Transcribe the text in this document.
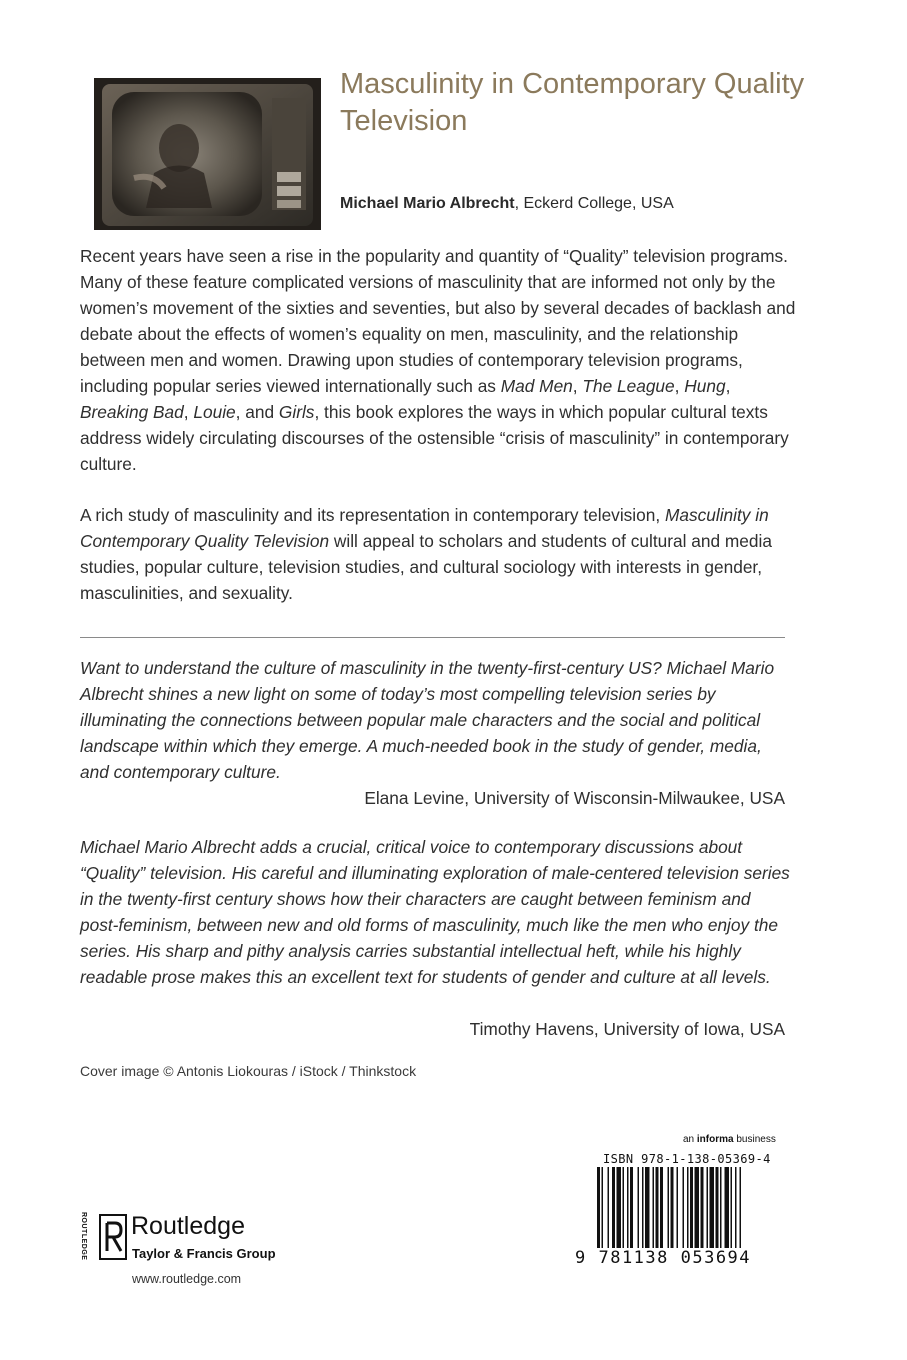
Masculinity in Contemporary Quality Television
Michael Mario Albrecht, Eckerd College, USA
Recent years have seen a rise in the popularity and quantity of “Quality” television programs. Many of these feature complicated versions of masculinity that are informed not only by the women’s movement of the sixties and seventies, but also by several decades of backlash and debate about the effects of women’s equality on men, masculinity, and the relationship between men and women. Drawing upon studies of contemporary television programs, including popular series viewed internationally such as Mad Men, The League, Hung, Breaking Bad, Louie, and Girls, this book explores the ways in which popular cultural texts address widely circulating discourses of the ostensible “crisis of masculinity” in contemporary culture.
A rich study of masculinity and its representation in contemporary television, Masculinity in Contemporary Quality Television will appeal to scholars and students of cultural and media studies, popular culture, television studies, and cultural sociology with interests in gender, masculinities, and sexuality.
Want to understand the culture of masculinity in the twenty-first-century US? Michael Mario Albrecht shines a new light on some of today’s most compelling television series by illuminating the connections between popular male characters and the social and political landscape within which they emerge. A much-needed book in the study of gender, media, and contemporary culture.
Elana Levine, University of Wisconsin-Milwaukee, USA
Michael Mario Albrecht adds a crucial, critical voice to contemporary discussions about “Quality” television. His careful and illuminating exploration of male-centered television series in the twenty-first century shows how their characters are caught between feminism and post-feminism, between new and old forms of masculinity, much like the men who enjoy the series. His sharp and pithy analysis carries substantial intellectual heft, while his highly readable prose makes this an excellent text for students of gender and culture at all levels.
Timothy Havens, University of Iowa, USA
Cover image © Antonis Liokouras / iStock / Thinkstock
ROUTLEDGE Routledge
Taylor & Francis Group
www.routledge.com
an informa business
ISBN 978-1-138-05369-4
9 781138 053694
